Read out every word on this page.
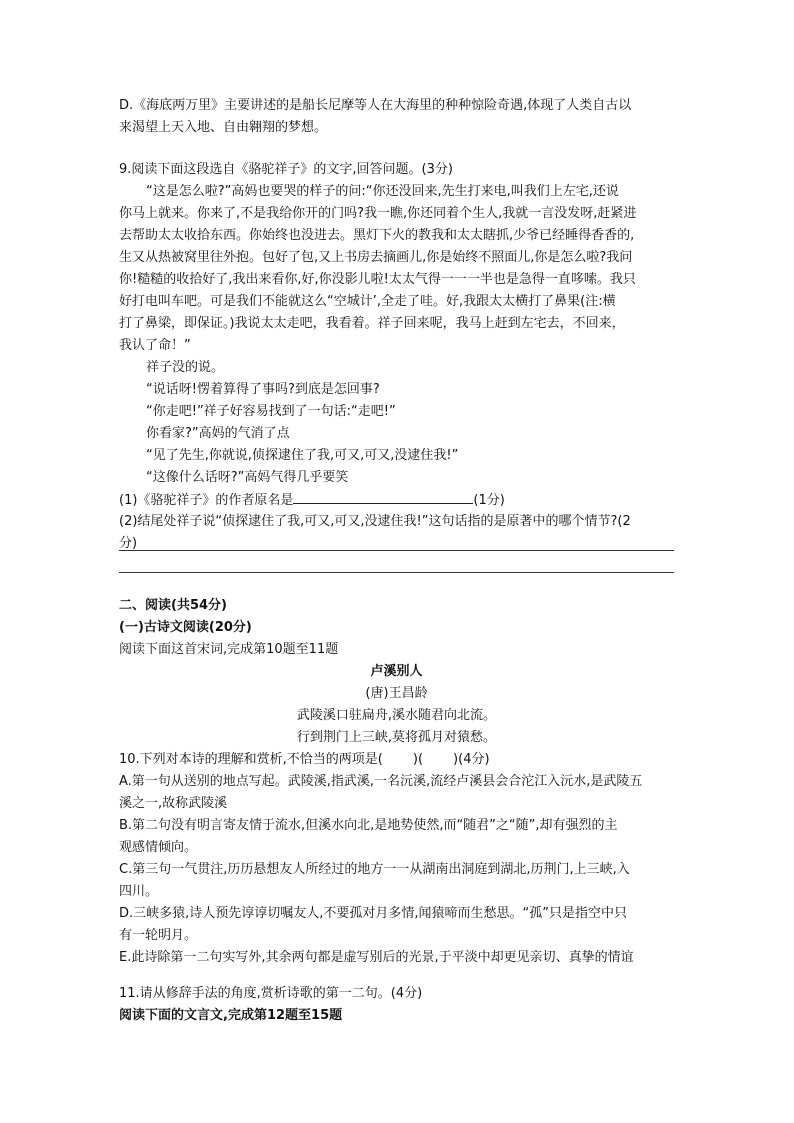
D.《海底两万里》主要讲述的是船长尼摩等人在大海里的种种惊险奇遇,体现了人类自古以
来渴望上天入地、自由翱翔的梦想。
9.阅读下面这段选自《骆驼祥子》的文字,回答问题。(3分)
“这是怎么啦?”高妈也要哭的样子的问:“你还没回来,先生打来电,叫我们上左宅,还说
你马上就来。你来了,不是我给你开的门吗?我一瞧,你还同着个生人,我就一言没发呀,赶紧进
去帮助太太收拾东西。你始终也没进去。黑灯下火的教我和太太瞎抓,少爷已经睡得香香的,
生又从热被窝里往外抱。包好了包,又上书房去摘画儿,你是始终不照面儿,你是怎么啦?我问
你!糙糙的收拾好了,我出来看你,好,你没影儿啦!太太气得一一一半也是急得一直哆嗦。我只
好打电叫车吧。可是我们不能就这么“空城计’,全走了哇。好,我跟太太横打了鼻果(注:横
打了鼻梁，即保证。)我说太太走吧，我看着。祥子回来呢，我马上赶到左宅去，不回来，
我认了命！”
祥子没的说。
“说话呀!愣着算得了事吗?到底是怎回事?
“你走吧!”祥子好容易找到了一句话:“走吧!”
你看家?”高妈的气消了点
“见了先生,你就说,侦探逮住了我,可又,可又,没逮住我!”
“这像什么话呀?”高妈气得几乎要笑
(1)《骆驼祥子》的作者原名是	(1分)
(2)结尾处祥子说“侦探逮住了我,可又,可又,没逮住我!”这句话指的是原著中的哪个情节?(2
分)
二、阅读(共54分)
(一)古诗文阅读(20分)
阅读下面这首宋词,完成第10题至11题
卢溪别人
(唐)王昌龄
武陵溪口驻扁舟,溪水随君向北流。
行到荆门上三峡,莫将孤月对猿愁。
10.下列对本诗的理解和赏析,不恰当的两项是( )( )(4分)
A.第一句从送别的地点写起。武陵溪,指武溪,一名沅溪,流经卢溪县会合沱江入沅水,是武陵五
溪之一,故称武陵溪
B.第二句没有明言寄友情于流水,但溪水向北,是地势使然,而“随君”之“随”,却有强烈的主
观感情倾向。
C.第三句一气贯注,历历悬想友人所经过的地方一一从湖南出洞庭到湖北,历荆门,上三峡,入
四川。
D.三峡多猿,诗人预先谆谆切嘱友人,不要孤对月多情,闻猿啼而生愁思。“孤”只是指空中只
有一轮明月。
E.此诗除第一二句实写外,其余两句都是虚写别后的光景,于平淡中却更见亲切、真挚的情谊
11.请从修辞手法的角度,赏析诗歌的第一二句。(4分)
阅读下面的文言文,完成第12题至15题
